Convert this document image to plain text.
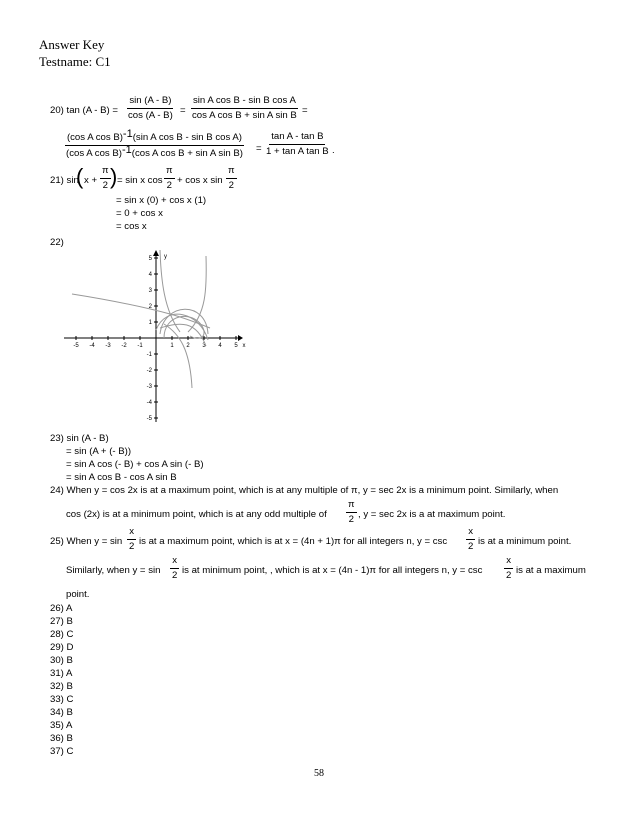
Answer Key
Testname: C1
20) $\tan (A - B) = \frac{\sin (A - B)}{\cos (A - B)} = \frac{\text{sin A cos B - sin B cos A}}{\text{cos A cos B + sin A sin B}}$ =
$\frac{\text{(cos A cos B)-1(sin A cos B - sin B cos A)}}{\text{(cos A cos B)-1(cos A cos B + sin A sin B)}} = \frac{\text{tan A - tan B}}{\text{1 + tan A tan B}}$ .
21) sin
( $x + \frac{\pi}{2}$ ) = sin x $\cos \frac{\pi}{2} + \cos x$ $\sin \frac{\pi}{2}$
= sin x (0) + cos x (1)
= 0 + cos x
= cos x
22)
-5 -4 -3 -2 -1	1 2 3 4 5 x
5
4
3
2
1
-1
-2
-3
-4
-5
y
23) sin (A - B)
= sin (A + (- B))
= sin A cos (- B) + cos A sin (- B)
= sin A cos B - cos A sin B
24) When y = cos 2x is at a maximum point, which is at any multiple of π, y = sec 2x is a minimum point. Similarly, when
cos (2x) is at a minimum point, which is at any odd multiple of $\frac{\pi}{2}$ , y = sec 2x is a at maximum point.
25) When $y = \sin \frac{x}{2}$ is at a maximum point, which is at x = (4n + 1)π for all integers n, $y = \csc \frac{x}{2}$ is at a minimum point.
Similarly, when $y = \sin \frac{x}{2}$ is at minimum point, , which is at x = (4n - 1)π for all integers n, $y = \csc \frac{x}{2}$ is at a maximum
point.
26) A
27) B
28) C
29) D
30) B
31) A
32) B
33) C
34) B
35) A
36) B
37) C
58
